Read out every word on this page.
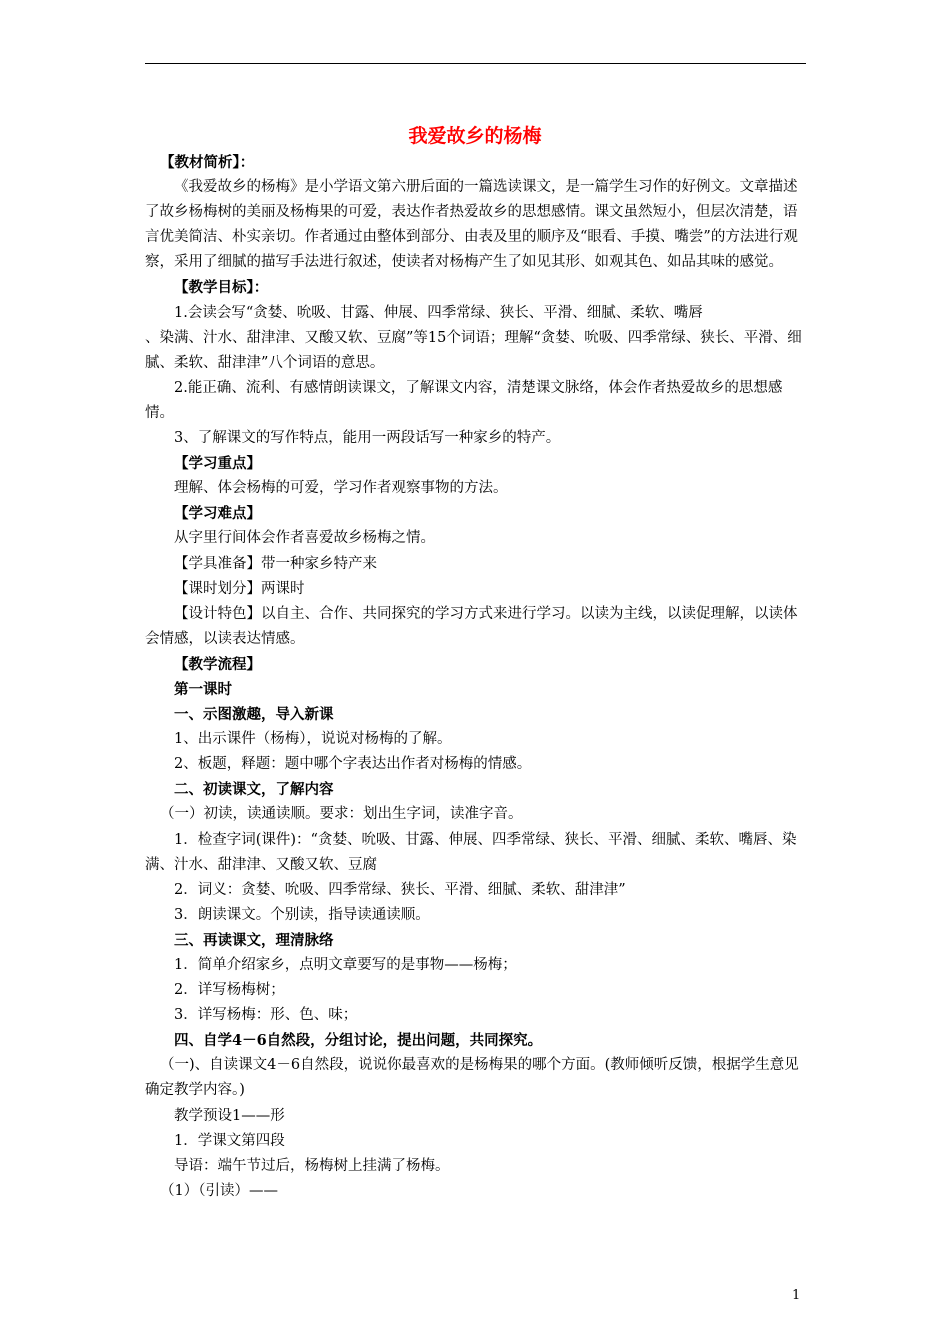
我爱故乡的杨梅

【教材简析】：

《我爱故乡的杨梅》是小学语文第六册后面的一篇选读课文，是一篇学生习作的好例文。文章描述了故乡杨梅树的美丽及杨梅果的可爱，表达作者热爱故乡的思想感情。课文虽然短小，但层次清楚，语言优美简洁、朴实亲切。作者通过由整体到部分、由表及里的顺序及“眼看、手摸、嘴尝”的方法进行观察，采用了细腻的描写手法进行叙述，使读者对杨梅产生了如见其形、如观其色、如品其味的感觉。

【教学目标】：

1.会读会写“贪婪、吮吸、甘露、伸展、四季常绿、狭长、平滑、细腻、柔软、嘴唇

、染满、汁水、甜津津、又酸又软、豆腐”等15个词语；理解“贪婪、吮吸、四季常绿、狭长、平滑、细腻、柔软、甜津津”八个词语的意思。

2.能正确、流利、有感情朗读课文，了解课文内容，清楚课文脉络，体会作者热爱故乡的思想感情。

3、了解课文的写作特点，能用一两段话写一种家乡的特产。

【学习重点】

理解、体会杨梅的可爱，学习作者观察事物的方法。

【学习难点】

从字里行间体会作者喜爱故乡杨梅之情。

【学具准备】带一种家乡特产来

【课时划分】两课时

【设计特色】以自主、合作、共同探究的学习方式来进行学习。以读为主线，以读促理解，以读体会情感，以读表达情感。

【教学流程】

第一课时

一、示图激趣，导入新课

1、出示课件（杨梅），说说对杨梅的了解。

2、板题，释题：题中哪个字表达出作者对杨梅的情感。

二、初读课文，了解内容

（一）初读，读通读顺。要求：划出生字词，读准字音。

1．检查字词(课件)：“贪婪、吮吸、甘露、伸展、四季常绿、狭长、平滑、细腻、柔软、嘴唇、染满、汁水、甜津津、又酸又软、豆腐

2．词义：贪婪、吮吸、四季常绿、狭长、平滑、细腻、柔软、甜津津”

3．朗读课文。个别读，指导读通读顺。

三、再读课文，理清脉络

1．简单介绍家乡，点明文章要写的是事物——杨梅；

2．详写杨梅树；

3．详写杨梅：形、色、味；

四、自学4－6自然段，分组讨论，提出问题，共同探究。

（一)、自读课文4－6自然段，说说你最喜欢的是杨梅果的哪个方面。(教师倾听反馈，根据学生意见确定教学内容。)

教学预设1——形

1．学课文第四段

导语：端午节过后，杨梅树上挂满了杨梅。

（1）（引读）——

1
